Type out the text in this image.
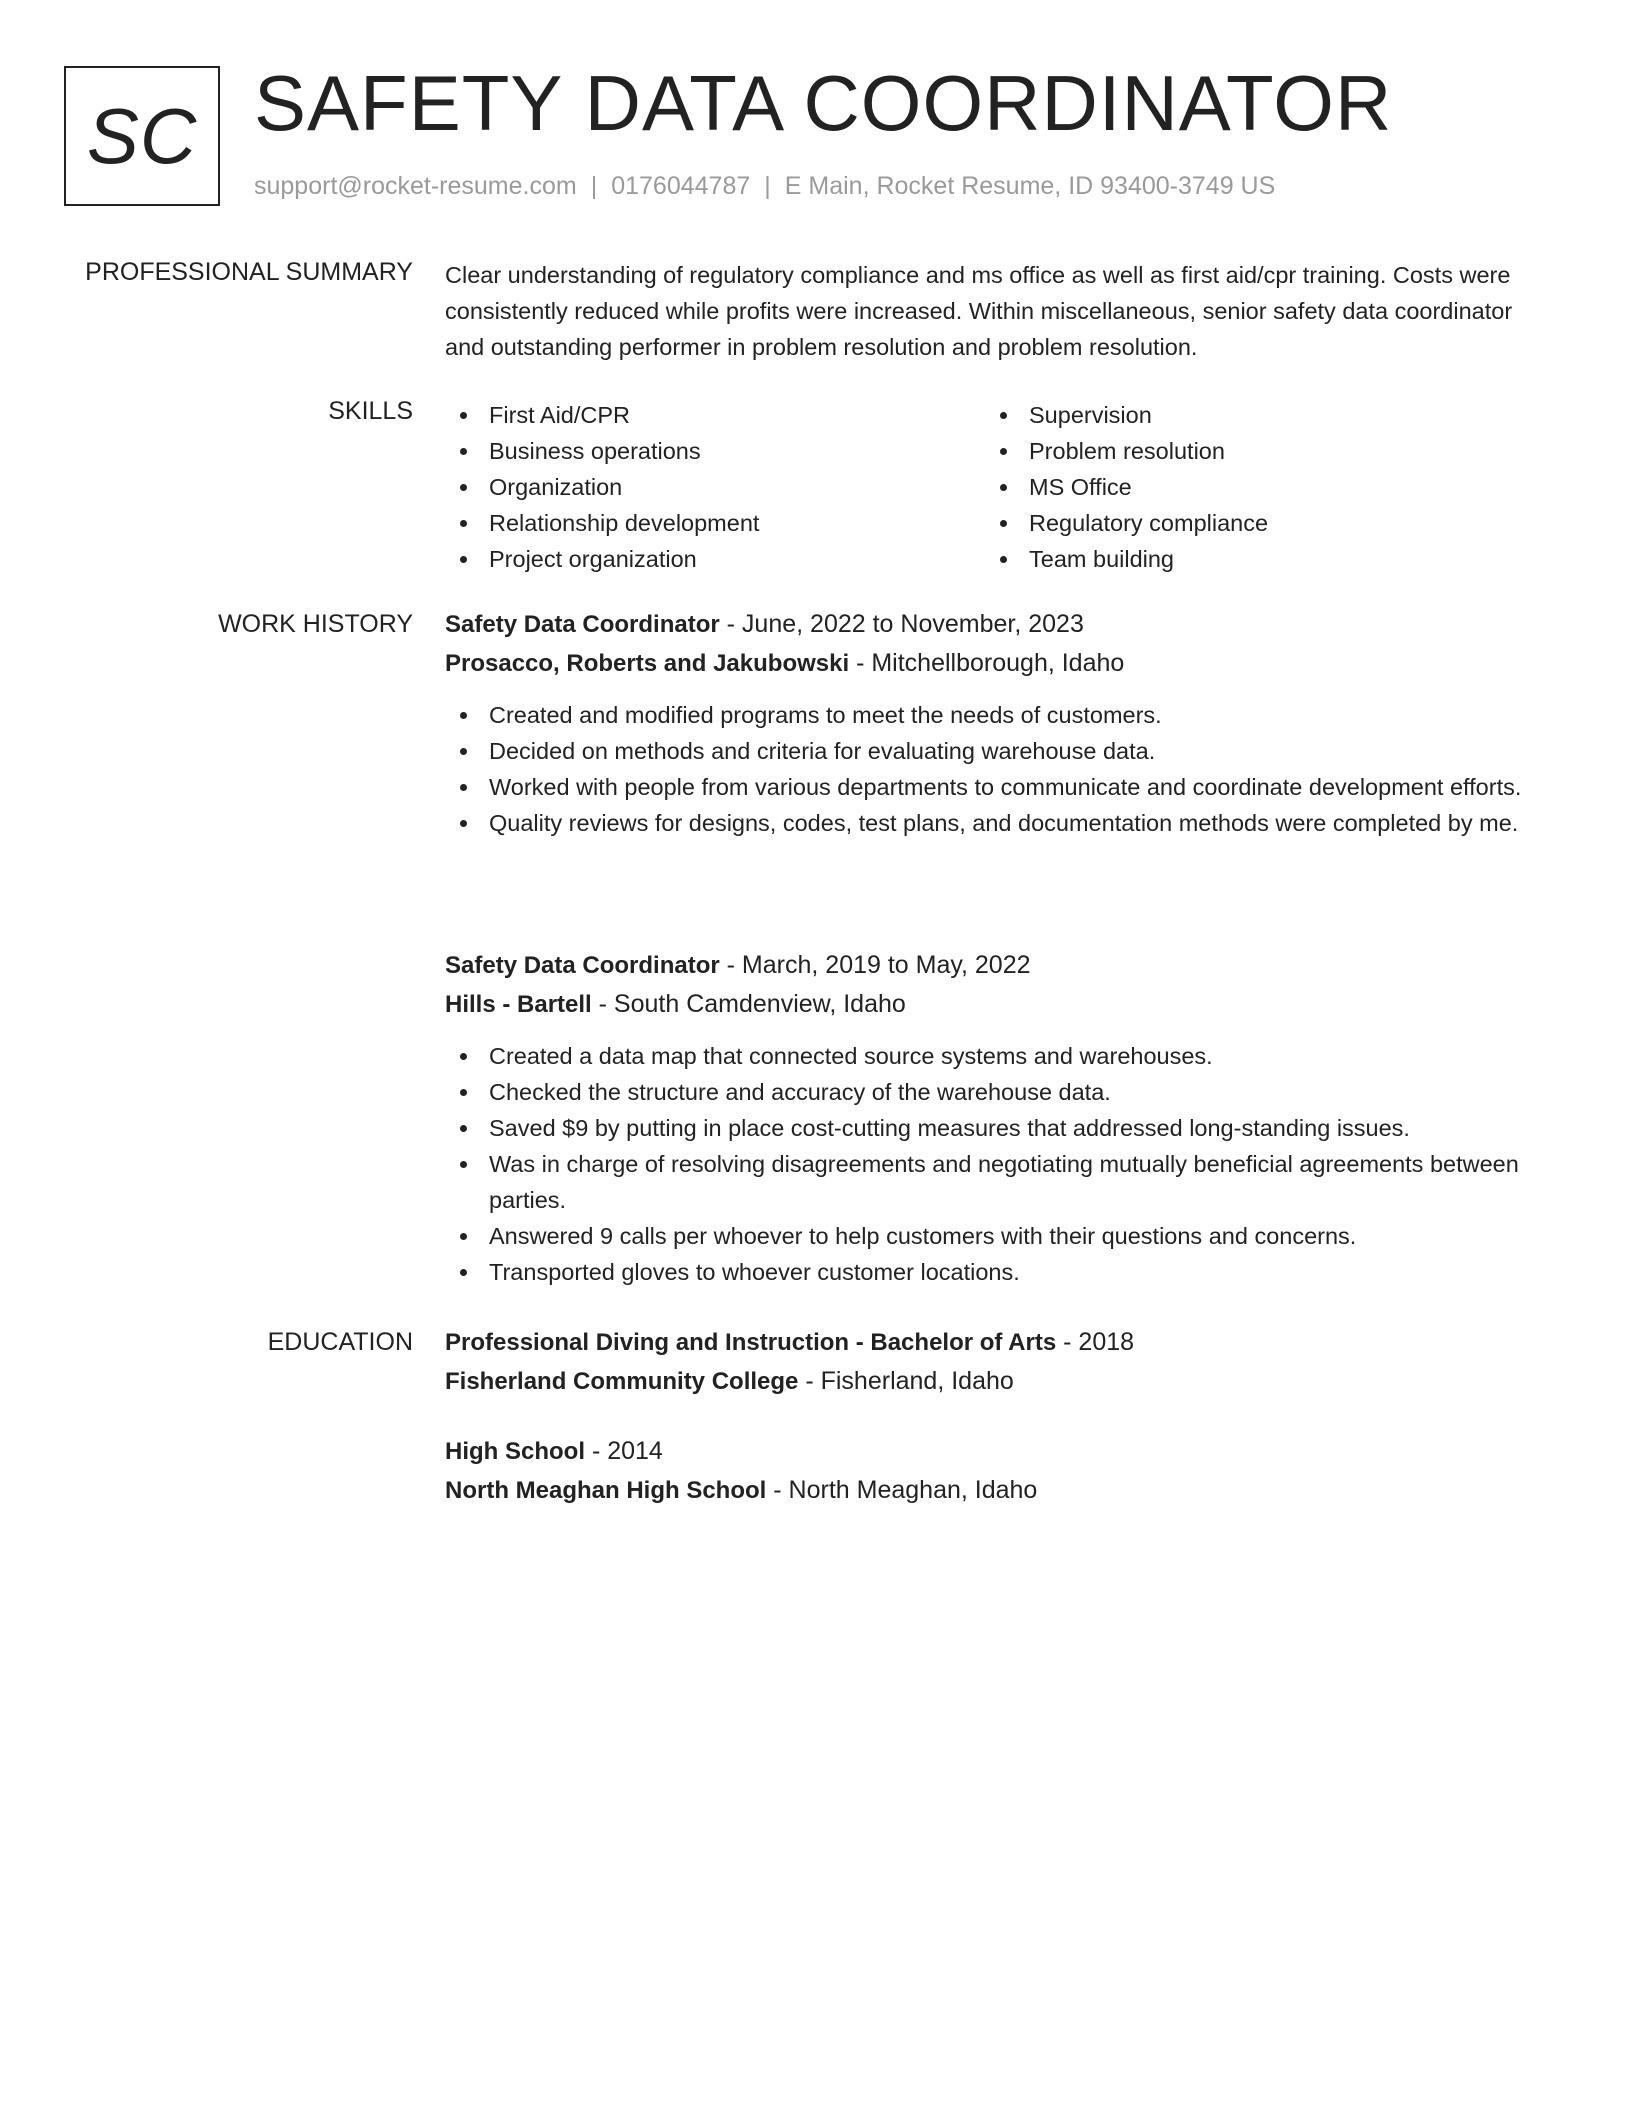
SC SAFETY DATA COORDINATOR
support@rocket-resume.com | 0176044787 | E Main, Rocket Resume, ID 93400-3749 US
PROFESSIONAL SUMMARY Clear understanding of regulatory compliance and ms office as well as first aid/cpr training. Costs were consistently reduced while profits were increased. Within miscellaneous, senior safety data coordinator and outstanding performer in problem resolution and problem resolution.

SKILLS	First Aid/CPR
Business operations
Organization
Relationship development
Project organization
Supervision
Problem resolution
MS Office
Regulatory compliance
Team building
WORK HISTORY Safety Data Coordinator - June, 2022 to November, 2023
Prosacco, Roberts and Jakubowski - Mitchellborough, Idaho
Created and modified programs to meet the needs of customers.
Decided on methods and criteria for evaluating warehouse data.
Worked with people from various departments to communicate and coordinate development efforts.
Quality reviews for designs, codes, test plans, and documentation methods were completed by me.
Safety Data Coordinator - March, 2019 to May, 2022
Hills - Bartell - South Camdenview, Idaho
Created a data map that connected source systems and warehouses.
Checked the structure and accuracy of the warehouse data.
Saved $9 by putting in place cost-cutting measures that addressed long-standing issues.
Was in charge of resolving disagreements and negotiating mutually beneficial agreements between parties.
Answered 9 calls per whoever to help customers with their questions and concerns.
Transported gloves to whoever customer locations.
EDUCATION Professional Diving and Instruction - Bachelor of Arts - 2018
Fisherland Community College - Fisherland, Idaho
High School - 2014
North Meaghan High School - North Meaghan, Idaho
